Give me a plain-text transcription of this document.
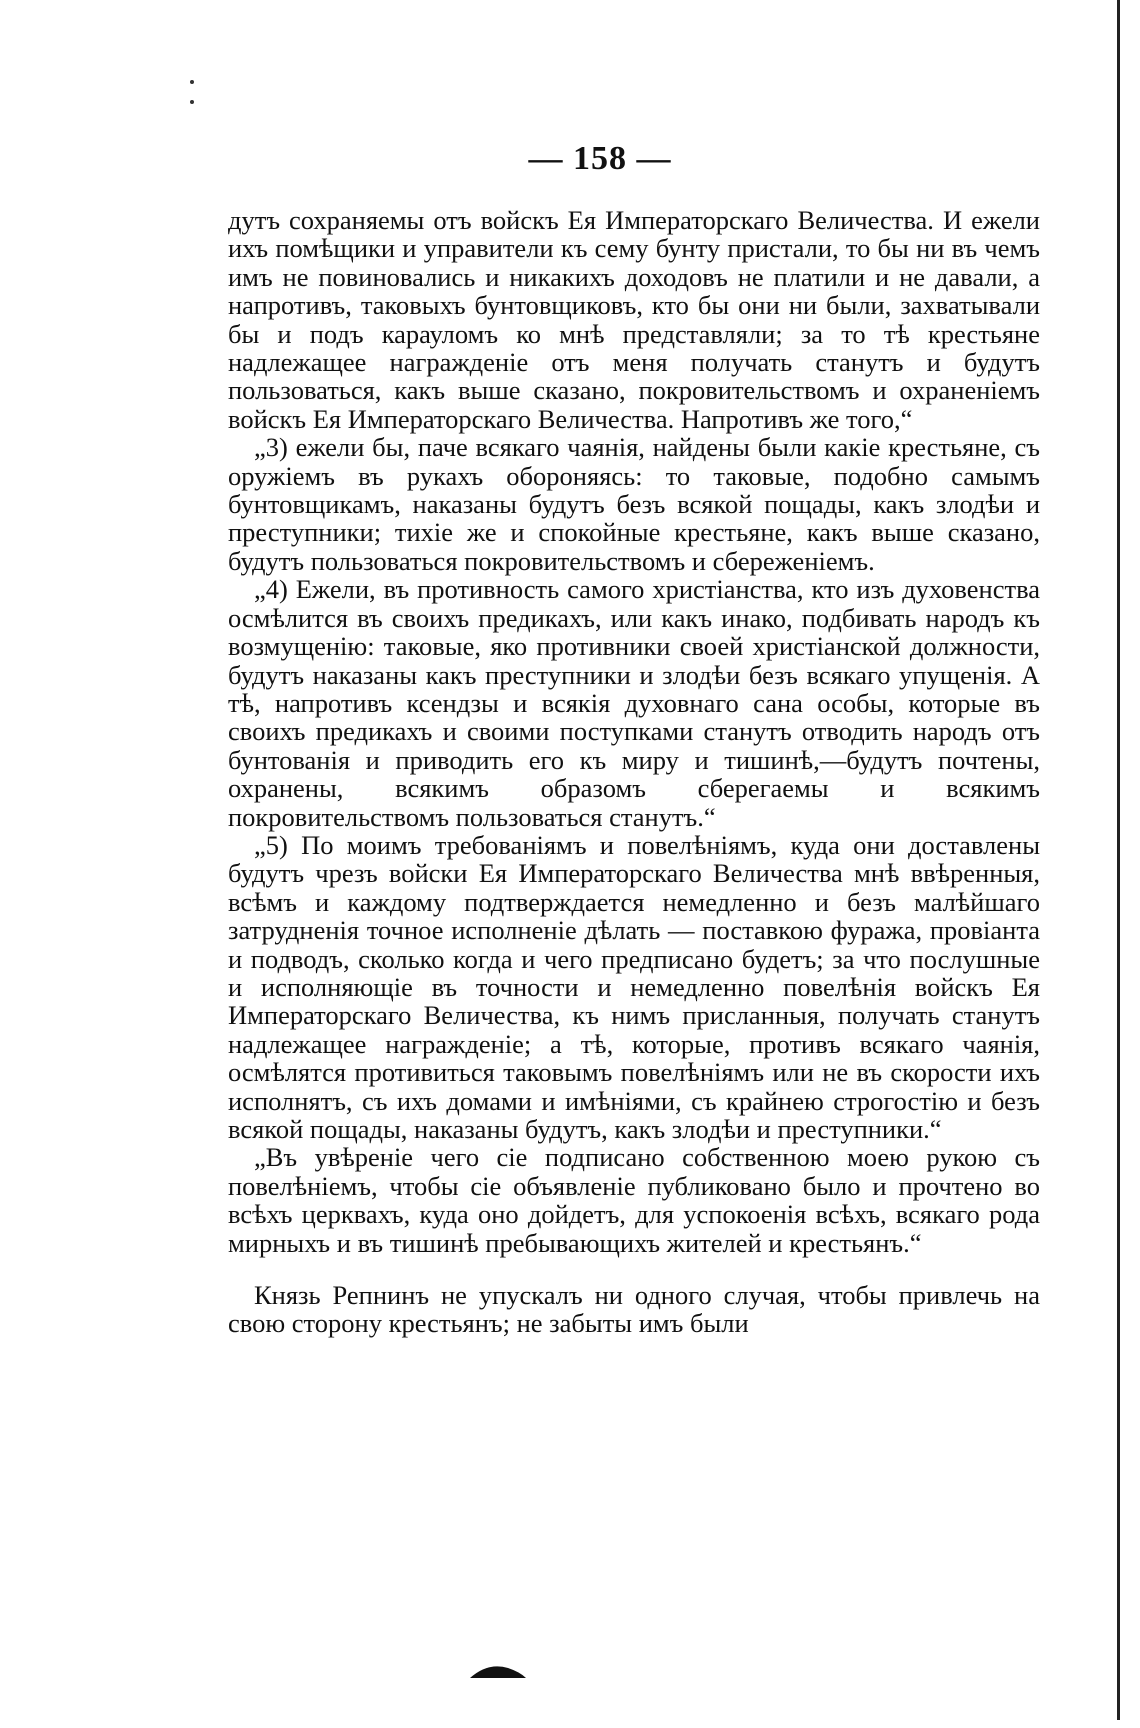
— 158 —

дутъ сохраняемы отъ войскъ Ея Императорскаго Величества. И ежели ихъ помѣщики и управители къ сему бунту пристали, то бы ни въ чемъ имъ не повиновались и никакихъ доходовъ не платили и не давали, а напротивъ, таковыхъ бунтовщиковъ, кто бы они ни были, захватывали бы и подъ карауломъ ко мнѣ представляли; за то тѣ крестьяне надлежащее награжденіе отъ меня получать станутъ и будутъ пользоваться, какъ выше сказано, покровительствомъ и охраненіемъ войскъ Ея Императорскаго Величества. Напротивъ же того,“

„3) ежели бы, паче всякаго чаянія, найдены были какіе крестьяне, съ оружіемъ въ рукахъ обороняясь: то таковые, подобно самымъ бунтовщикамъ, наказаны будутъ безъ всякой пощады, какъ злодѣи и преступники; тихіе же и спокойные крестьяне, какъ выше сказано, будутъ пользоваться покровительствомъ и сбереженіемъ.

„4) Ежели, въ противность самого христіанства, кто изъ духовенства осмѣлится въ своихъ предикахъ, или какъ инако, подбивать народъ къ возмущенію: таковые, яко противники своей христіанской должности, будутъ наказаны какъ преступники и злодѣи безъ всякаго упущенія. А тѣ, напротивъ ксендзы и всякія духовнаго сана особы, которые въ своихъ предикахъ и своими поступками станутъ отводить народъ отъ бунтованія и приводить его къ миру и тишинѣ,—будутъ почтены, охранены, всякимъ образомъ сберегаемы и всякимъ покровительствомъ пользоваться станутъ.“

„5) По моимъ требованіямъ и повелѣніямъ, куда они доставлены будутъ чрезъ войски Ея Императорскаго Величества мнѣ ввѣренныя, всѣмъ и каждому подтверждается немедленно и безъ малѣйшаго затрудненія точное исполненіе дѣлать — поставкою фуража, провіанта и подводъ, сколько когда и чего предписано будетъ; за что послушные и исполняющіе въ точности и немедленно повелѣнія войскъ Ея Императорскаго Величества, къ нимъ присланныя, получать станутъ надлежащее награжденіе; а тѣ, которые, противъ всякаго чаянія, осмѣлятся противиться таковымъ повелѣніямъ или не въ скорости ихъ исполнятъ, съ ихъ домами и имѣніями, съ крайнею строгостію и безъ всякой пощады, наказаны будутъ, какъ злодѣи и преступники.“

„Въ увѣреніе чего сіе подписано собственною моею рукою съ повелѣніемъ, чтобы сіе объявленіе публиковано было и прочтено во всѣхъ церквахъ, куда оно дойдетъ, для успокоенія всѣхъ, всякаго рода мирныхъ и въ тишинѣ пребывающихъ жителей и крестьянъ.“

Князь Репнинъ не упускалъ ни одного случая, чтобы привлечь на свою сторону крестьянъ; не забыты имъ были
